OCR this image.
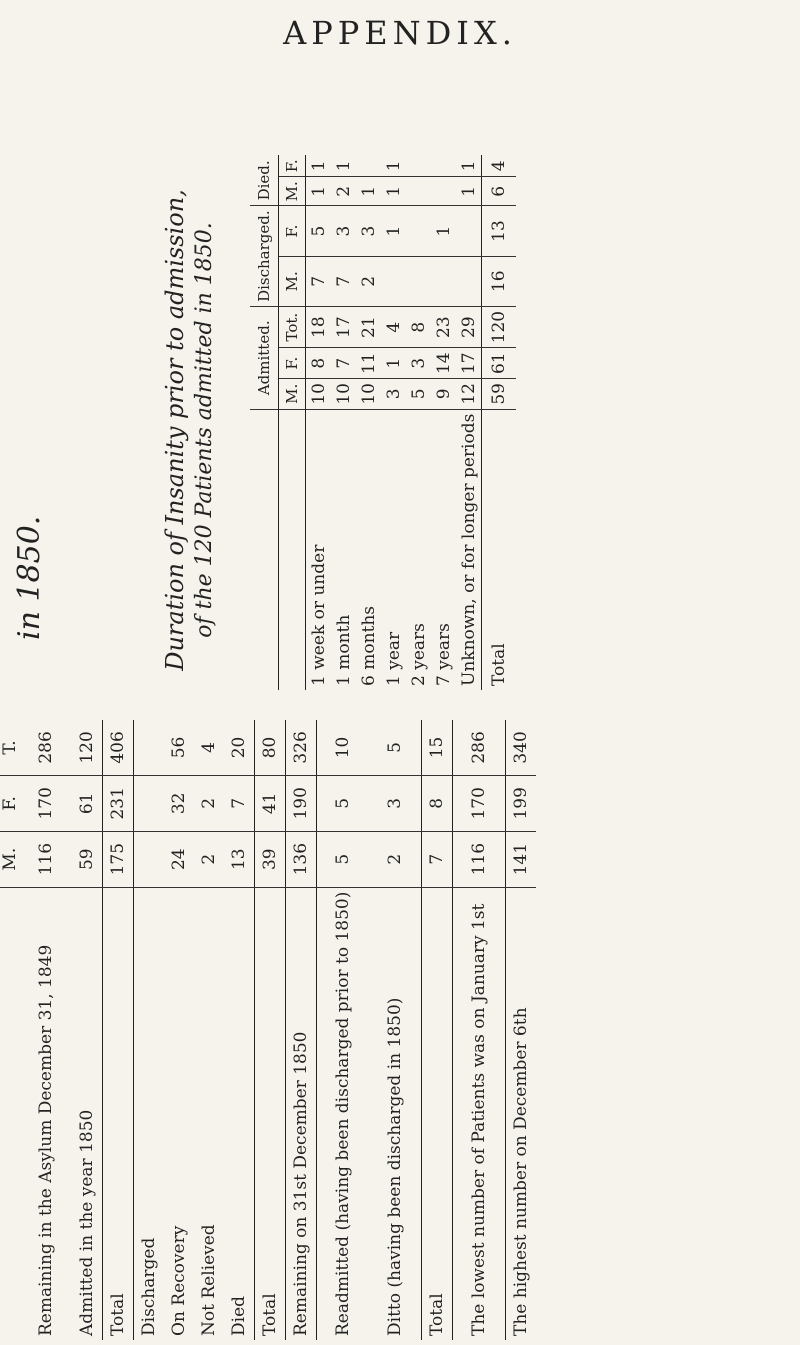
APPENDIX.

Duration of Insanity prior to admission, of the 120 Patients admitted in 1850.

		Admitted.			Discharged.		Died.	
	M.	F.	Tot.	M.	F.	M.	F.
1 week or under	10	8	18	7	5	1	1
1 month	10	7	17	7	3	2	1
6 months	10	11	21	2	3	1	
1 year	3	1	4		1	1	1
2 years	5	3	8				
7 years	9	14	23		1		
Unknown, or for longer periods	12	17	29			1	1
Total	59	61	120	16	13	6	4
	M.	F.	T.
Remaining in the Asylum December 31, 1849	116	170	286
Admitted in the year 1850	59	61	120
Total	175	231	406
Discharged			
On Recovery	24	32	56
Not Relieved	2	2	4
Died	13	7	20
Total	39	41	80
Remaining on 31st December 1850	136	190	326
Readmitted (having been discharged prior to 1850)	5	5	10
Ditto (having been discharged in 1850)	2	3	5
Total	7	8	15
The lowest number of Patients was on January 1st	116	170	286
The highest number on December 6th	141	199	340
in 1850.
